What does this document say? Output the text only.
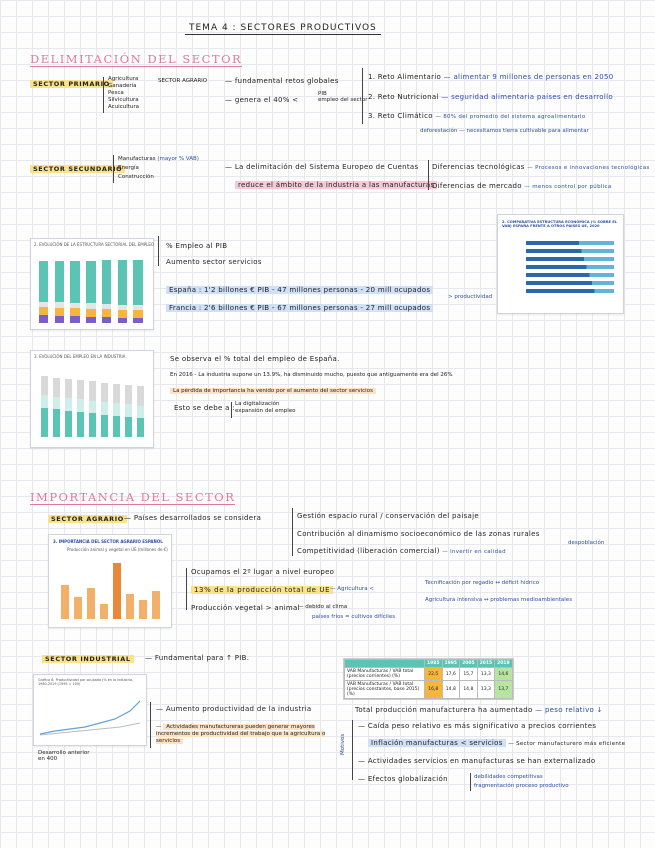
TEMA 4 : SECTORES PRODUCTIVOS
DELIMITACIÓN DEL SECTOR
SECTOR PRIMARIO
Agricultura
Ganadería
Pesca
Silvicultura
Acuicultura
SECTOR AGRARIO	— fundamental retos globales
— genera el 40% <
PIB
empleo del sector
1. Reto Alimentario — alimentar 9 millones de personas en 2050
2. Reto Nutricional — seguridad alimentaria países en desarrollo
3. Reto Climático — 80% del promedio del sistema agroalimentario
deforestación — necesitamos tierra cultivable para alimentar
SECTOR SECUNDARIO
Manufacturas (mayor % VAB)
Energía
Construcción
— La delimitación del Sistema Europeo de Cuentas
reduce el ámbito de la industria a las manufacturas
Diferencias tecnológicas — Procesos e innovaciones tecnológicas
Diferencias de mercado — menos control por pública
2. EVOLUCIÓN DE LA ESTRUCTURA SECTORIAL DEL EMPLEO % Empleo al PIB
Aumento sector servicios
España : 1'2 billones € PIB - 47 millones personas - 20 mill ocupados
Francia : 2'6 billones € PIB - 67 millones personas - 27 mill ocupados
> productividad
2. COMPARATIVA ESTRUCTURA ECONÓMICA (% SOBRE EL VAB) ESPAÑA FRENTE A OTROS PAÍSES UE, 2020
3. EVOLUCIÓN DEL EMPLEO EN LA INDUSTRIA	Se observa el % total del empleo de España.
En 2016 - La industria supone un 13.9%, ha disminuido mucho, puesto que antiguamente era del 26%
La pérdida de importancia ha venido por el aumento del sector servicios
Esto se debe a : La digitalización
expansión del empleo
IMPORTANCIA DEL SECTOR
SECTOR AGRARIO — Países desarrollados se considera	Gestión espacio rural / conservación del paisaje
Contribución al dinamismo socioeconómico de las zonas rurales
despoblación
Competitividad (liberación comercial) — invertir en calidad
3. IMPORTANCIA DEL SECTOR AGRARIO ESPAÑOL
Producción animal y vegetal en UE (millones de €)
Ocupamos el 2º lugar a nivel europeo
13% de la producción total de UE
Producción vegetal > animal
— debido al clima
países fríos = cultivos difíciles
— Agricultura <
Tecnificación por regadío ↔ déficit hídrico
Agricultura intensiva ↔ problemas medioambientales
SECTOR INDUSTRIAL	— Fundamental para ↑ PIB.
Gráfico 6. Productividad por ocupado (% en la industria, 1980-2019 (1995 = 100)
Desarrollo anterior en 400
— Aumento productividad de la industria
— Actividades manufactureras pueden generar mayores incrementos de productividad del trabajo que la agricultura o servicios
	1985	1995	2005	2015	2019
VAB Manufacturas / VAB total (precios corrientes) (%)	22,5	17,6	15,7	13,3	14,6
VAB Manufacturas / VAB total (precios constantes, base 2015) (%)	16,8	14,8	14,8	13,3	13,7
Total producción manufacturera ha aumentado — peso relativo ↓
Motivos
— Caída peso relativo es más significativo a precios corrientes
Inflación manufacturas < servicios — Sector manufacturero más eficiente
— Actividades servicios en manufacturas se han externalizado
— Efectos globalización	debilidades competitivas
fragmentación proceso productivo
